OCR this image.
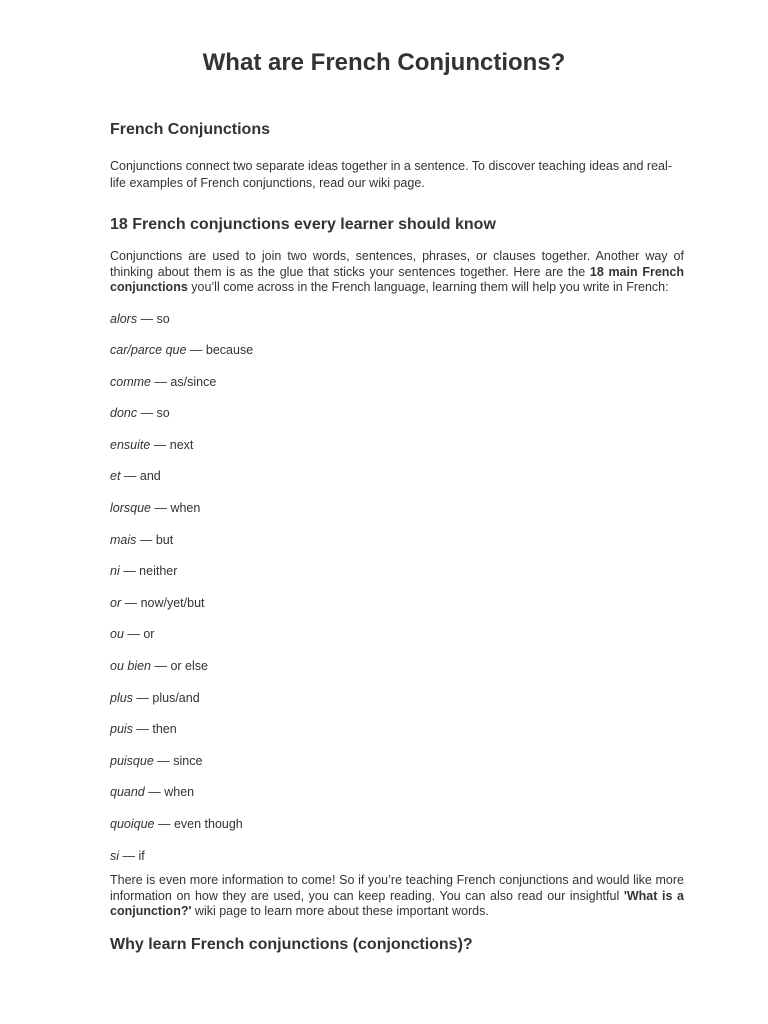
What are French Conjunctions?
French Conjunctions

Conjunctions connect two separate ideas together in a sentence. To discover teaching ideas and real-life examples of French conjunctions, read our wiki page.

18 French conjunctions every learner should know

Conjunctions are used to join two words, sentences, phrases, or clauses together. Another way of thinking about them is as the glue that sticks your sentences together. Here are the 18 main French conjunctions you’ll come across in the French language, learning them will help you write in French:

alors — so
car/parce que — because
comme — as/since
donc — so
ensuite — next
et — and
lorsque — when
mais — but
ni — neither
or — now/yet/but
ou — or
ou bien — or else
plus — plus/and
puis — then
puisque — since
quand — when
quoique — even though
si — if

There is even more information to come! So if you’re teaching French conjunctions and would like more information on how they are used, you can keep reading. You can also read our insightful 'What is a conjunction?' wiki page to learn more about these important words.

Why learn French conjunctions (conjonctions)?
